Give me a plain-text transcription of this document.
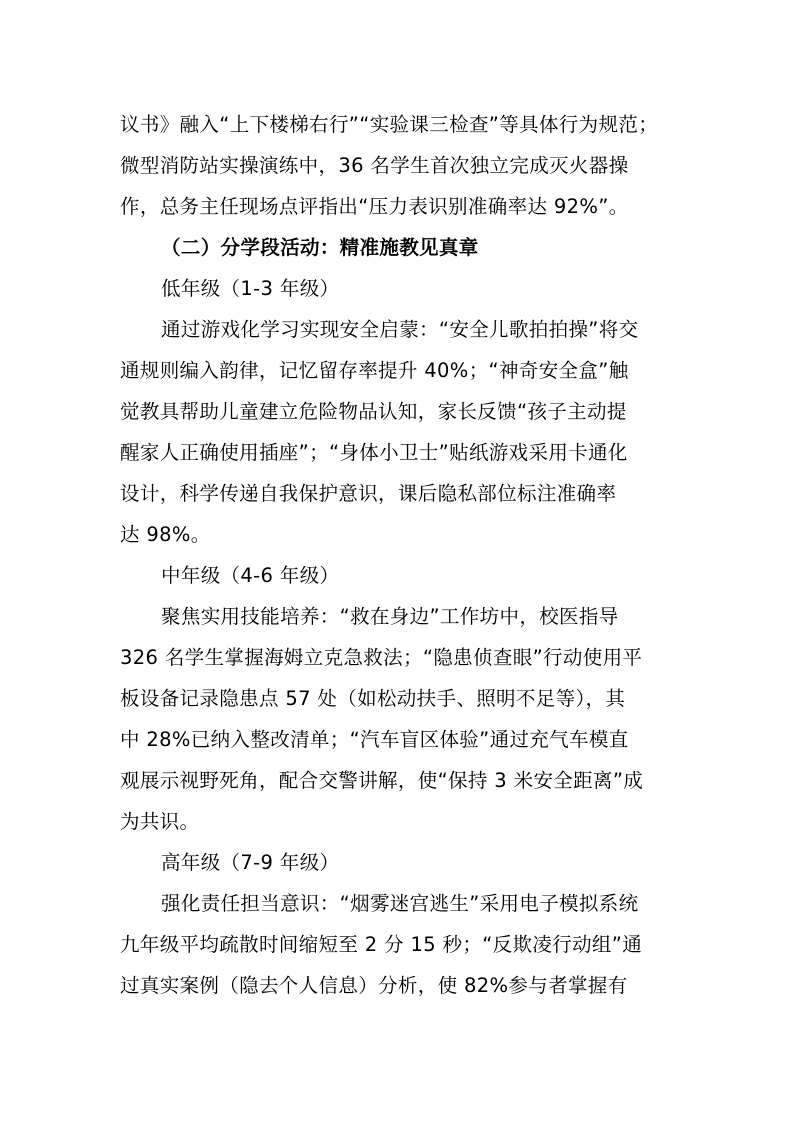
议书》融入“上下楼梯右行”“实验课三检查”等具体行为规范；
微型消防站实操演练中，36 名学生首次独立完成灭火器操
作，总务主任现场点评指出“压力表识别准确率达 92%”。
（二）分学段活动：精准施教见真章
低年级（1-3 年级）
通过游戏化学习实现安全启蒙：“安全儿歌拍拍操”将交
通规则编入韵律，记忆留存率提升 40%；“神奇安全盒”触
觉教具帮助儿童建立危险物品认知，家长反馈“孩子主动提
醒家人正确使用插座”；“身体小卫士”贴纸游戏采用卡通化
设计，科学传递自我保护意识，课后隐私部位标注准确率
达 98%。
中年级（4-6 年级）
聚焦实用技能培养：“救在身边”工作坊中，校医指导
326 名学生掌握海姆立克急救法；“隐患侦查眼”行动使用平
板设备记录隐患点 57 处（如松动扶手、照明不足等），其
中 28%已纳入整改清单；“汽车盲区体验”通过充气车模直
观展示视野死角，配合交警讲解，使“保持 3 米安全距离”成
为共识。
高年级（7-9 年级）
强化责任担当意识：“烟雾迷宫逃生”采用电子模拟系统
九年级平均疏散时间缩短至 2 分 15 秒；“反欺凌行动组”通
过真实案例（隐去个人信息）分析，使 82%参与者掌握有
